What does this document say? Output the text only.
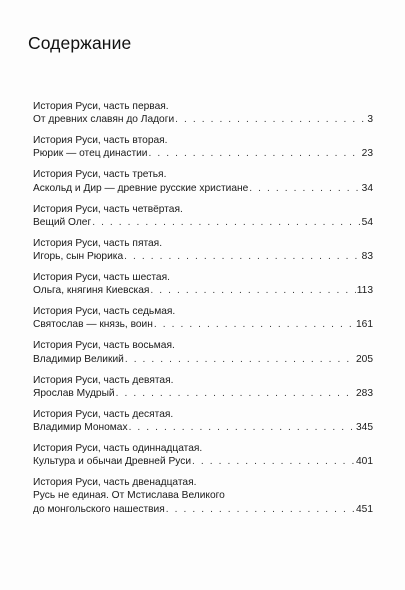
Содержание
История Руси, часть первая.
От древних славян до Ладоги . . .	3
История Руси, часть вторая.
Рюрик — отец династии . . .	23
История Руси, часть третья.
Аскольд и Дир — древние русские христиане . . .	34
История Руси, часть четвёртая.
Вещий Олег . . .	54
История Руси, часть пятая.
Игорь, сын Рюрика . . .	83
История Руси, часть шестая.
Ольга, княгиня Киевская . . .	113
История Руси, часть седьмая.
Святослав — князь, воин . . .	161
История Руси, часть восьмая.
Владимир Великий . . .	205
История Руси, часть девятая.
Ярослав Мудрый . . .	283
История Руси, часть десятая.
Владимир Мономах . . .	345
История Руси, часть одиннадцатая.
Культура и обычаи Древней Руси . . .	401
История Руси, часть двенадцатая.
Русь не единая. От Мстислава Великого
до монгольского нашествия . . .	451
